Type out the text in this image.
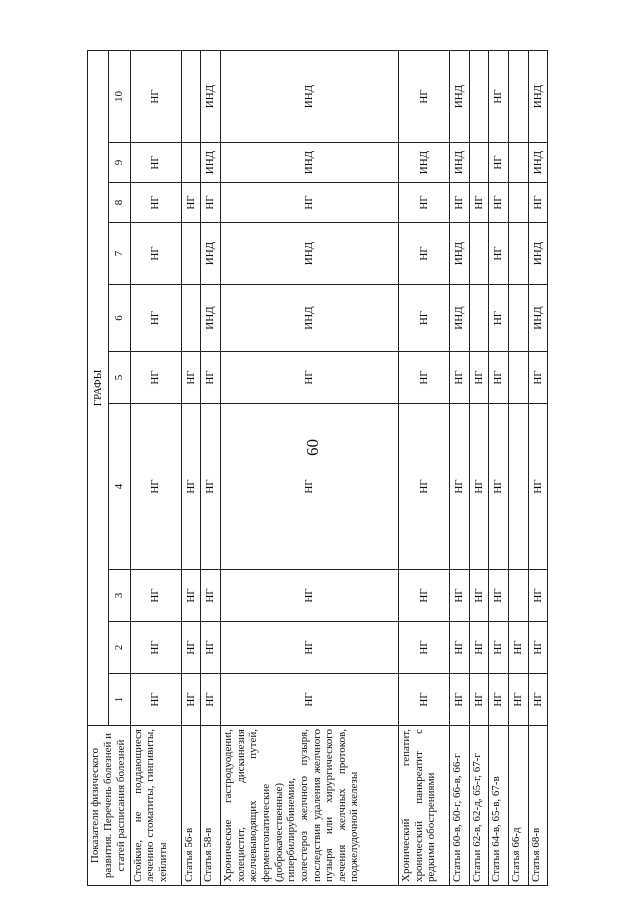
60
Показатели физического развития. Перечень болезней и статей расписания болезней	ГРАФЫ									
	1	2	3	4	5	6	7	8	9	10
Стойкие, не поддающиеся лечению стоматиты, гингивиты, хейлиты	НГ	НГ	НГ	НГ	НГ	НГ	НГ	НГ	НГ	НГ
Статья 56-в	НГ	НГ	НГ	НГ	НГ			НГ		
Статья 58-в	НГ	НГ	НГ	НГ	НГ	ИНД	ИНД	НГ	ИНД	ИНД
Хронические гастродуодениt, холецистит, дискинезия желчевыводящих путей, ферментопатические (доброкачественные) гипербилирубинемии, холестероз желчного пузыря, последствия удаления желчного пузыря или хирургического лечения желчных протоков, поджелудочной железы	НГ	НГ	НГ	НГ	НГ	ИНД	ИНД	НГ	ИНД	ИНД
Хронический гепатит, хронический панкреатит с редкими обострениями	НГ	НГ	НГ	НГ	НГ	НГ	НГ	НГ	ИНД	НГ
Статьи 60-в, 60-г, 66-в, 66-г	НГ	НГ	НГ	НГ	НГ	ИНД	ИНД	НГ	ИНД	ИНД
Статьи 62-в, 62-д, 65-г, 67-г	НГ	НГ	НГ	НГ	НГ			НГ		
Статьи 64-в, 65-в, 67-в	НГ	НГ	НГ	НГ	НГ	НГ	НГ	НГ	НГ	НГ
Статья 66-д	НГ	НГ								
Статья 68-в	НГ	НГ	НГ	НГ	НГ	ИНД	ИНД	НГ	ИНД	ИНД
